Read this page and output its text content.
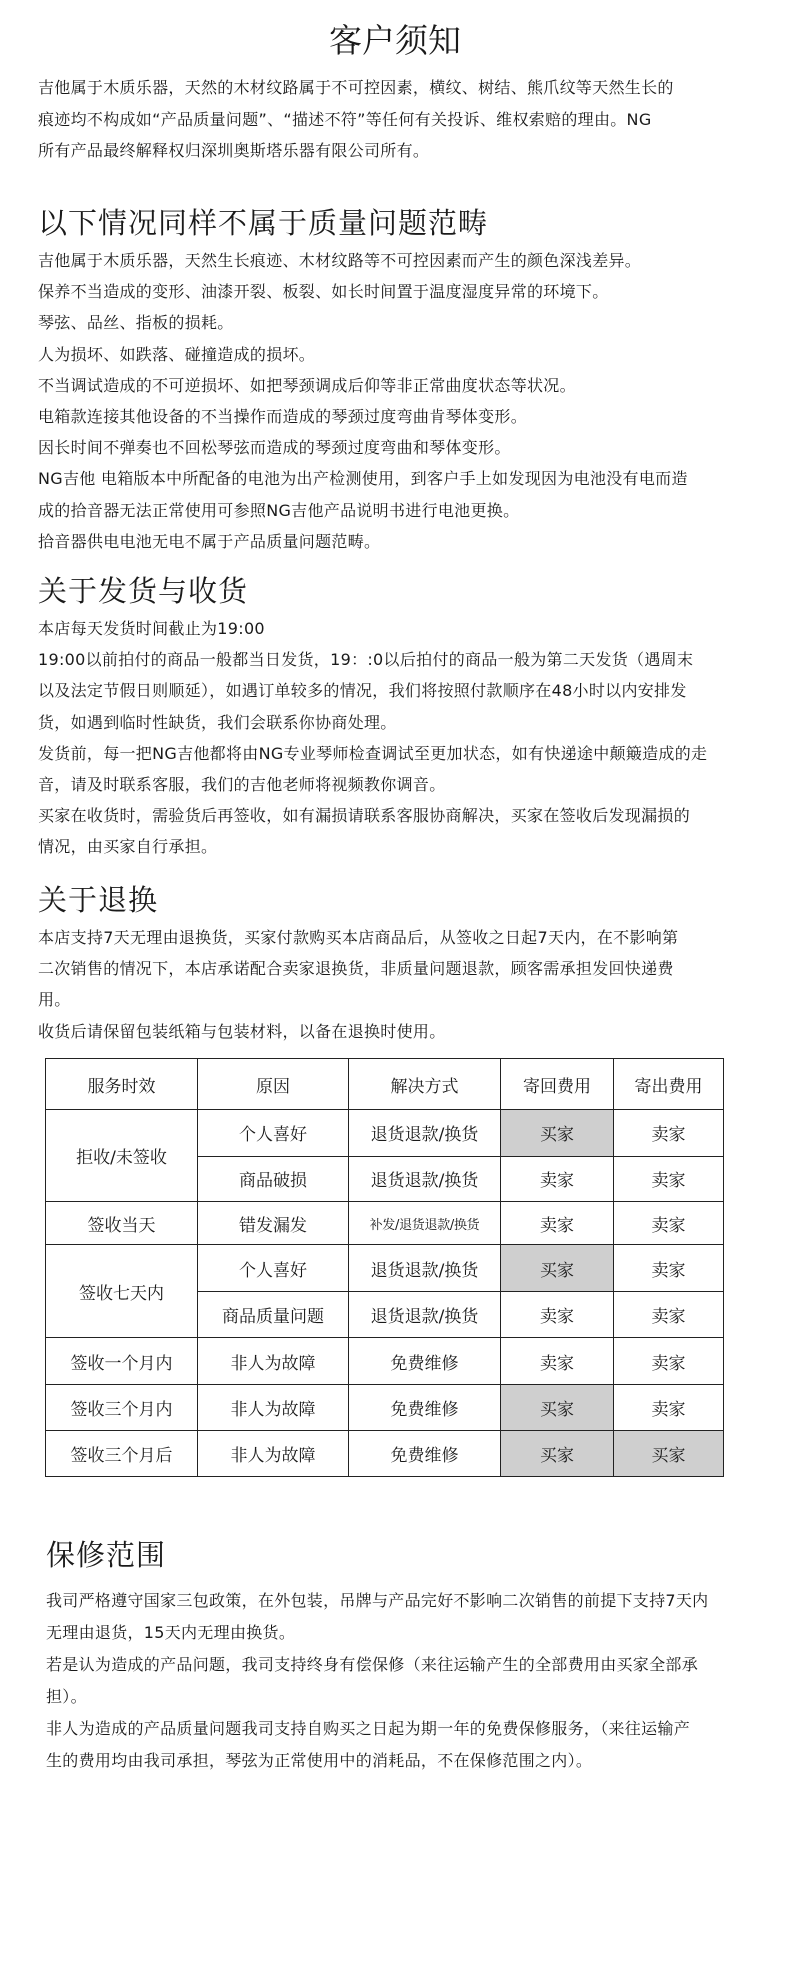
客户须知

吉他属于木质乐器，天然的木材纹路属于不可控因素，横纹、树结、熊爪纹等天然生长的

痕迹均不构成如“产品质量问题”、“描述不符”等任何有关投诉、维权索赔的理由。NG

所有产品最终解释权归深圳奥斯塔乐器有限公司所有。

以下情况同样不属于质量问题范畴

吉他属于木质乐器，天然生长痕迹、木材纹路等不可控因素而产生的颜色深浅差异。

保养不当造成的变形、油漆开裂、板裂、如长时间置于温度湿度异常的环境下。

琴弦、品丝、指板的损耗。

人为损坏、如跌落、碰撞造成的损坏。

不当调试造成的不可逆损坏、如把琴颈调成后仰等非正常曲度状态等状况。

电箱款连接其他设备的不当操作而造成的琴颈过度弯曲肯琴体变形。

因长时间不弹奏也不回松琴弦而造成的琴颈过度弯曲和琴体变形。

NG吉他 电箱版本中所配备的电池为出产检测使用，到客户手上如发现因为电池没有电而造

成的拾音器无法正常使用可参照NG吉他产品说明书进行电池更换。

拾音器供电电池无电不属于产品质量问题范畴。

关于发货与收货

本店每天发货时间截止为19:00

19:00以前拍付的商品一般都当日发货，19：:0以后拍付的商品一般为第二天发货（遇周末

以及法定节假日则顺延），如遇订单较多的情况，我们将按照付款顺序在48小时以内安排发

货，如遇到临时性缺货，我们会联系你协商处理。

发货前，每一把NG吉他都将由NG专业琴师检查调试至更加状态，如有快递途中颠簸造成的走

音，请及时联系客服，我们的吉他老师将视频教你调音。

买家在收货时，需验货后再签收，如有漏损请联系客服协商解决，买家在签收后发现漏损的

情况，由买家自行承担。

关于退换

本店支持7天无理由退换货，买家付款购买本店商品后，从签收之日起7天内，在不影响第

二次销售的情况下，本店承诺配合卖家退换货，非质量问题退款，顾客需承担发回快递费

用。

收货后请保留包装纸箱与包装材料，以备在退换时使用。

服务时效	原因	解决方式	寄回费用	寄出费用
拒收/未签收	个人喜好	退货退款/换货	买家	卖家
	商品破损	退货退款/换货	卖家	卖家
签收当天	错发漏发	补发/退货退款/换货	卖家	卖家
签收七天内	个人喜好	退货退款/换货	买家	卖家
	商品质量问题	退货退款/换货	卖家	卖家
签收一个月内	非人为故障	免费维修	卖家	卖家
签收三个月内	非人为故障	免费维修	买家	卖家
签收三个月后	非人为故障	免费维修	买家	买家
保修范围

我司严格遵守国家三包政策，在外包装，吊牌与产品完好不影响二次销售的前提下支持7天内

无理由退货，15天内无理由换货。

若是认为造成的产品问题，我司支持终身有偿保修（来往运输产生的全部费用由买家全部承

担）。

非人为造成的产品质量问题我司支持自购买之日起为期一年的免费保修服务，（来往运输产

生的费用均由我司承担，琴弦为正常使用中的消耗品，不在保修范围之内）。
